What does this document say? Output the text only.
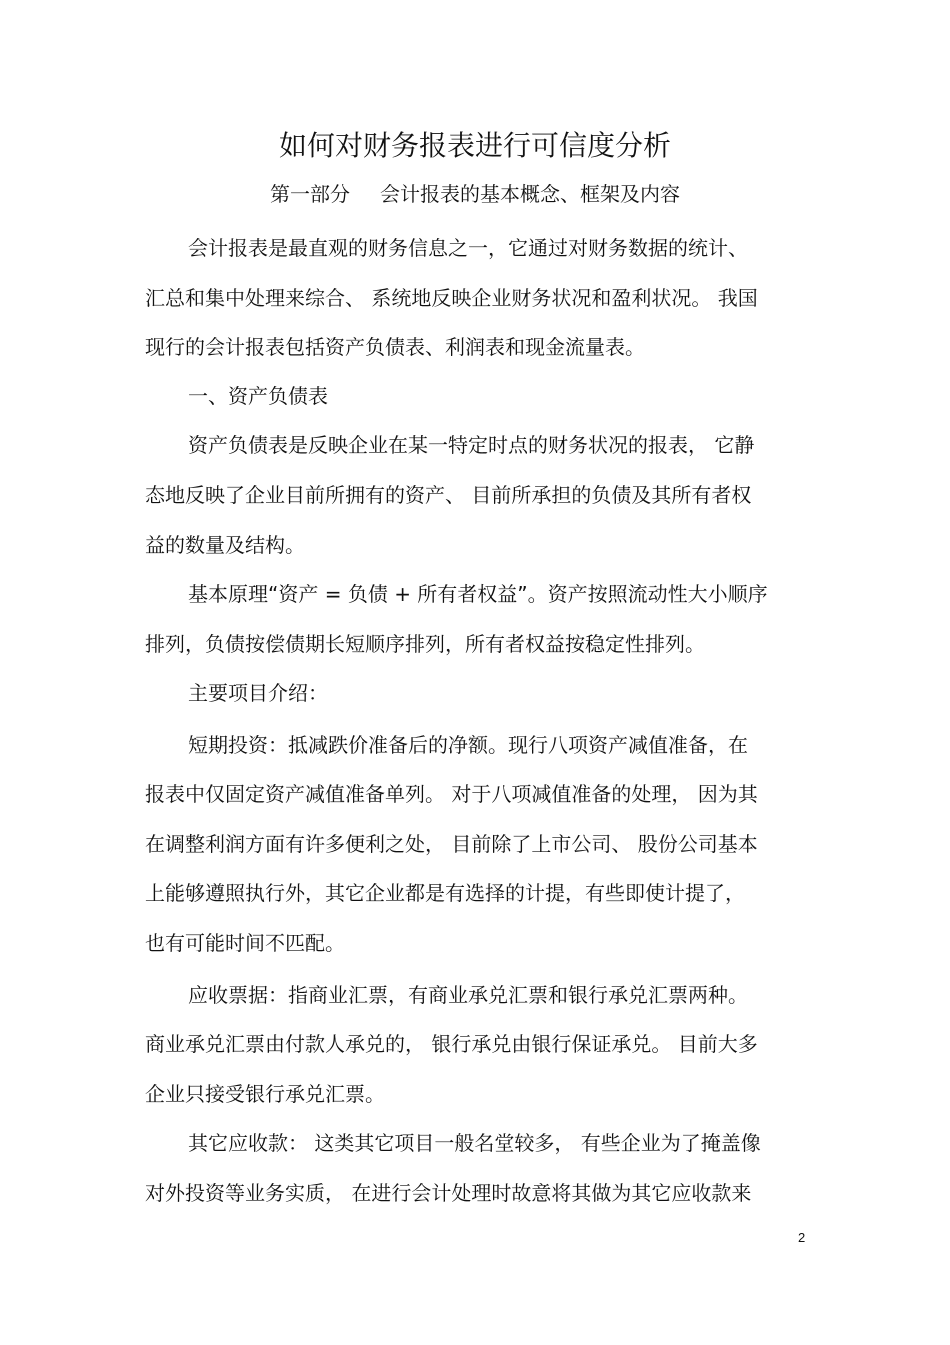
如何对财务报表进行可信度分析
第一部分 会计报表的基本概念、框架及内容
会计报表是最直观的财务信息之一，它通过对财务数据的统计、
汇总和集中处理来综合、 系统地反映企业财务状况和盈利状况。 我国
现行的会计报表包括资产负债表、利润表和现金流量表。
一、资产负债表
资产负债表是反映企业在某一特定时点的财务状况的报表， 它静
态地反映了企业目前所拥有的资产、 目前所承担的负债及其所有者权
益的数量及结构。
基本原理“资产 = 负债 + 所有者权益”。资产按照流动性大小顺序
排列，负债按偿债期长短顺序排列，所有者权益按稳定性排列。
主要项目介绍：
短期投资：抵减跌价准备后的净额。现行八项资产减值准备，在
报表中仅固定资产减值准备单列。 对于八项减值准备的处理， 因为其
在调整利润方面有许多便利之处， 目前除了上市公司、 股份公司基本
上能够遵照执行外，其它企业都是有选择的计提，有些即使计提了，
也有可能时间不匹配。
应收票据：指商业汇票，有商业承兑汇票和银行承兑汇票两种。
商业承兑汇票由付款人承兑的， 银行承兑由银行保证承兑。 目前大多
企业只接受银行承兑汇票。
其它应收款： 这类其它项目一般名堂较多， 有些企业为了掩盖像
对外投资等业务实质， 在进行会计处理时故意将其做为其它应收款来
2
